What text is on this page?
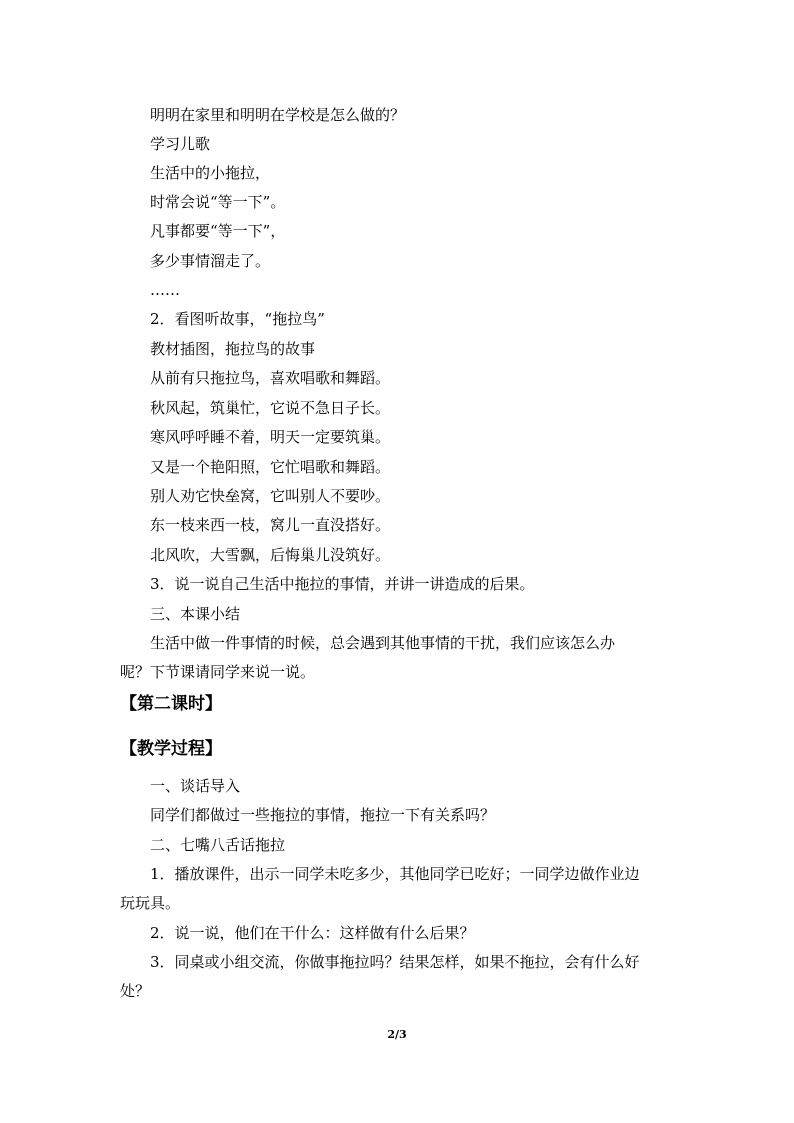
明明在家里和明明在学校是怎么做的？
学习儿歌
生活中的小拖拉，
时常会说“等一下”。
凡事都要“等一下”，
多少事情溜走了。
……
2．看图听故事，“拖拉鸟”
教材插图，拖拉鸟的故事
从前有只拖拉鸟，喜欢唱歌和舞蹈。
秋风起，筑巢忙，它说不急日子长。
寒风呼呼睡不着，明天一定要筑巢。
又是一个艳阳照，它忙唱歌和舞蹈。
别人劝它快垒窝，它叫别人不要吵。
东一枝来西一枝，窝儿一直没搭好。
北风吹，大雪飘，后悔巢儿没筑好。
3．说一说自己生活中拖拉的事情，并讲一讲造成的后果。
三、本课小结
生活中做一件事情的时候，总会遇到其他事情的干扰，我们应该怎么办
呢？下节课请同学来说一说。
【第二课时】
【教学过程】
一、谈话导入
同学们都做过一些拖拉的事情，拖拉一下有关系吗？
二、七嘴八舌话拖拉
1．播放课件，出示一同学未吃多少，其他同学已吃好；一同学边做作业边
玩玩具。
2．说一说，他们在干什么：这样做有什么后果？
3．同桌或小组交流，你做事拖拉吗？结果怎样，如果不拖拉，会有什么好
处？
2/3
